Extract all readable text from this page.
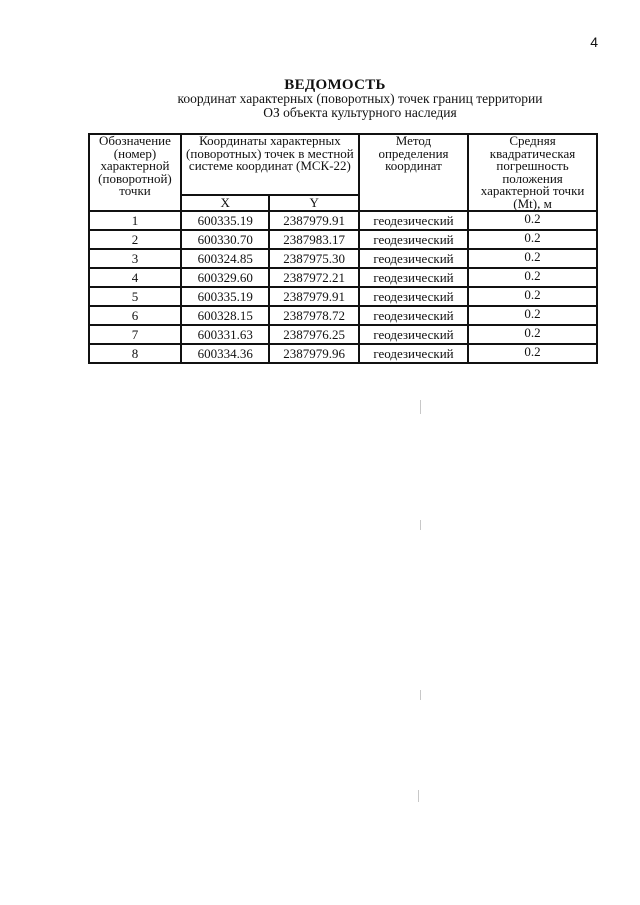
4
ВЕДОМОСТЬ
координат характерных (поворотных) точек границ территории
ОЗ объекта культурного наследия
Обозначение (номер) характерной (поворотной) точки	Координаты характерных (поворотных) точек в местной системе координат (МСК-22)		Метод определения координат	Средняя квадратическая погрешность положения характерной точки (Mt), м
	X	Y		
1	600335.19	2387979.91	геодезический	0.2
2	600330.70	2387983.17	геодезический	0.2
3	600324.85	2387975.30	геодезический	0.2
4	600329.60	2387972.21	геодезический	0.2
5	600335.19	2387979.91	геодезический	0.2
6	600328.15	2387978.72	геодезический	0.2
7	600331.63	2387976.25	геодезический	0.2
8	600334.36	2387979.96	геодезический	0.2
